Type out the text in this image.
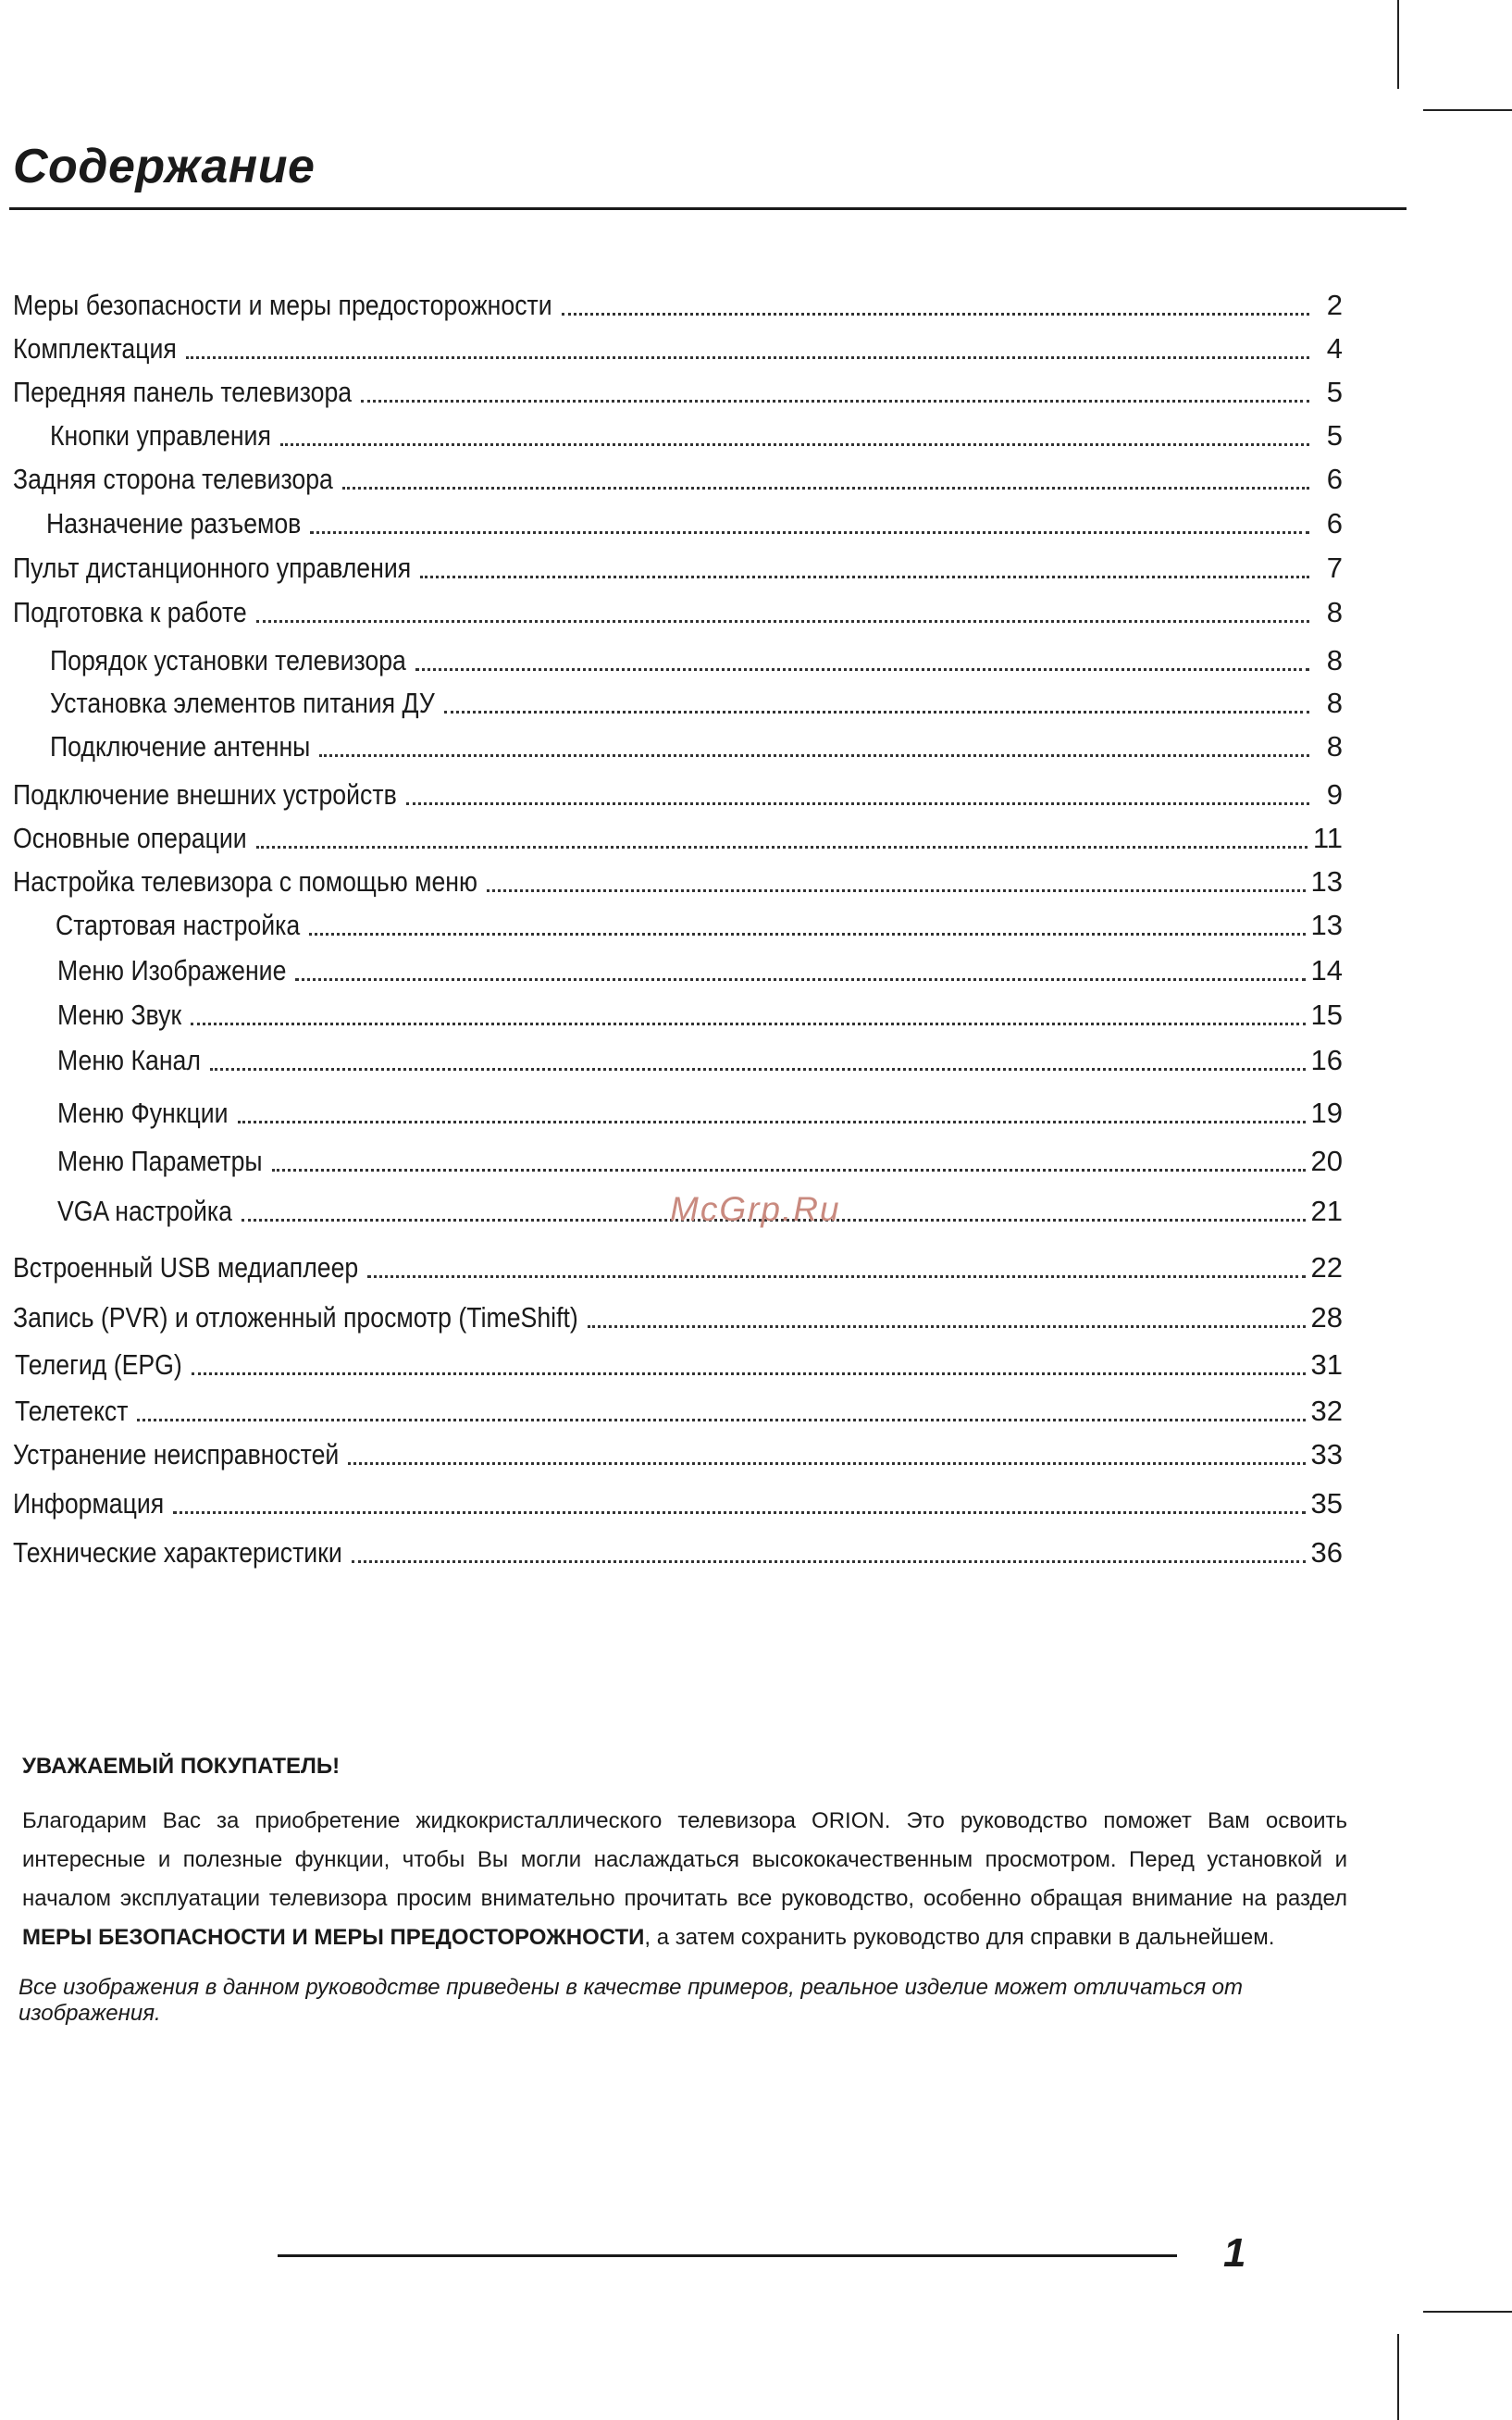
Содержание
Меры безопасности и меры предосторожности	2
Комплектация	4
Передняя панель телевизора	5
Кнопки управления	5
Задняя сторона телевизора	6
Назначение разъемов	6
Пульт дистанционного управления	7
Подготовка к работе	8
Порядок установки телевизора	8
Установка элементов питания ДУ	8
Подключение антенны	8
Подключение внешних устройств	9
Основные операции	11
Настройка телевизора с помощью меню	13
Стартовая настройка	13
Меню Изображение	14
Меню Звук	15
Меню Канал	16
Меню Функции	19
Меню Параметры	20
VGA настройка	21
Встроенный USB медиаплеер	22
Запись (PVR) и отложенный просмотр (TimeShift)	28
Телегид (EPG)	31
Телетекст	32
Устранение неисправностей	33
Информация	35
Технические характеристики	36
McGrp.Ru
УВАЖАЕМЫЙ ПОКУПАТЕЛЬ!

Благодарим Вас за приобретение жидкокристаллического телевизора ORION. Это руководство поможет Вам освоить интересные и полезные функции, чтобы Вы могли наслаждаться высококачественным просмотром. Перед установкой и началом эксплуатации телевизора просим внимательно прочитать все руководство, особенно обращая внимание на раздел МЕРЫ БЕЗОПАСНОСТИ И МЕРЫ ПРЕДОСТОРОЖНОСТИ, а затем сохранить руководство для справки в дальнейшем.

Все изображения в данном руководстве приведены в качестве примеров, реальное изделие может отличаться от изображения.

1
